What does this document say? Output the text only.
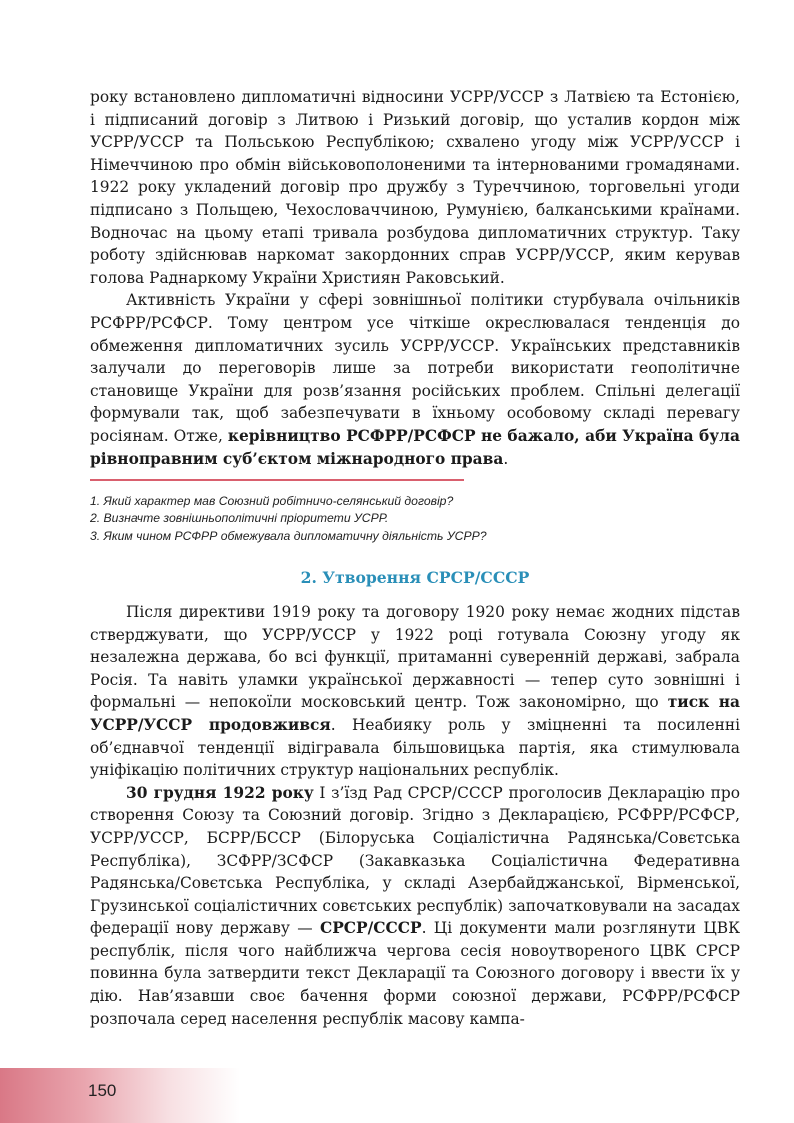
року встановлено дипломатичні відносини УСРР/УССР з Латвією та Естонією, і підписаний договір з Литвою і Ризький договір, що усталив кордон між УСРР/УССР та Польською Республікою; схвалено угоду між УСРР/УССР і Німеччиною про обмін військовополоненими та інтернованими громадянами. 1922 року укладений договір про дружбу з Туреччиною, торговельні угоди підписано з Польщею, Чехословаччиною, Румунією, балканськими країнами. Водночас на цьому етапі тривала розбудова дипломатичних структур. Таку роботу здійснював наркомат закордонних справ УСРР/УССР, яким керував голова Раднаркому України Християн Раковський.

Активність України у сфері зовнішньої політики стурбувала очільників РСФРР/РСФСР. Тому центром усе чіткіше окреслювалася тенденція до обмеження дипломатичних зусиль УСРР/УССР. Українських представників залучали до переговорів лише за потреби використати геополітичне становище України для розв’язання російських проблем. Спільні делегації формували так, щоб забезпечувати в їхньому особовому складі перевагу росіянам. Отже, керівництво РСФРР/РСФСР не бажало, аби Україна була рівноправним суб’єктом міжнародного права.

1. Який характер мав Союзний робітничо-селянський договір?
2. Визначте зовнішньополітичні пріоритети УСРР.
3. Яким чином РСФРР обмежувала дипломатичну діяльність УСРР?
2. Утворення СРСР/СССР

Після директиви 1919 року та договору 1920 року немає жодних підстав стверджувати, що УСРР/УССР у 1922 році готувала Союзну угоду як незалежна держава, бо всі функції, притаманні суверенній державі, забрала Росія. Та навіть уламки української державності — тепер суто зовнішні і формальні — непокоїли московський центр. Тож закономірно, що тиск на УСРР/УССР продовжився. Неабияку роль у зміцненні та посиленні об’єднавчої тенденції відігравала більшовицька партія, яка стимулювала уніфікацію політичних структур національних республік.

30 грудня 1922 року I з’їзд Рад СРСР/СССР проголосив Декларацію про створення Союзу та Союзний договір. Згідно з Декларацією, РСФРР/РСФСР, УСРР/УССР, БСРР/БССР (Білоруська Соціалістична Радянська/Совєтська Республіка), ЗСФРР/ЗСФСР (Закавказька Соціалістична Федеративна Радянська/Совєтська Республіка, у складі Азербайджанської, Вірменської, Грузинської соціалістичних совєтських республік) започатковували на засадах федерації нову державу — СРСР/СССР. Ці документи мали розглянути ЦВК республік, після чого найближча чергова сесія новоутвореного ЦВК СРСР повинна була затвердити текст Декларації та Союзного договору і ввести їх у дію. Нав’язавши своє бачення форми союзної держави, РСФРР/РСФСР розпочала серед населення республік масову кампа-

150
